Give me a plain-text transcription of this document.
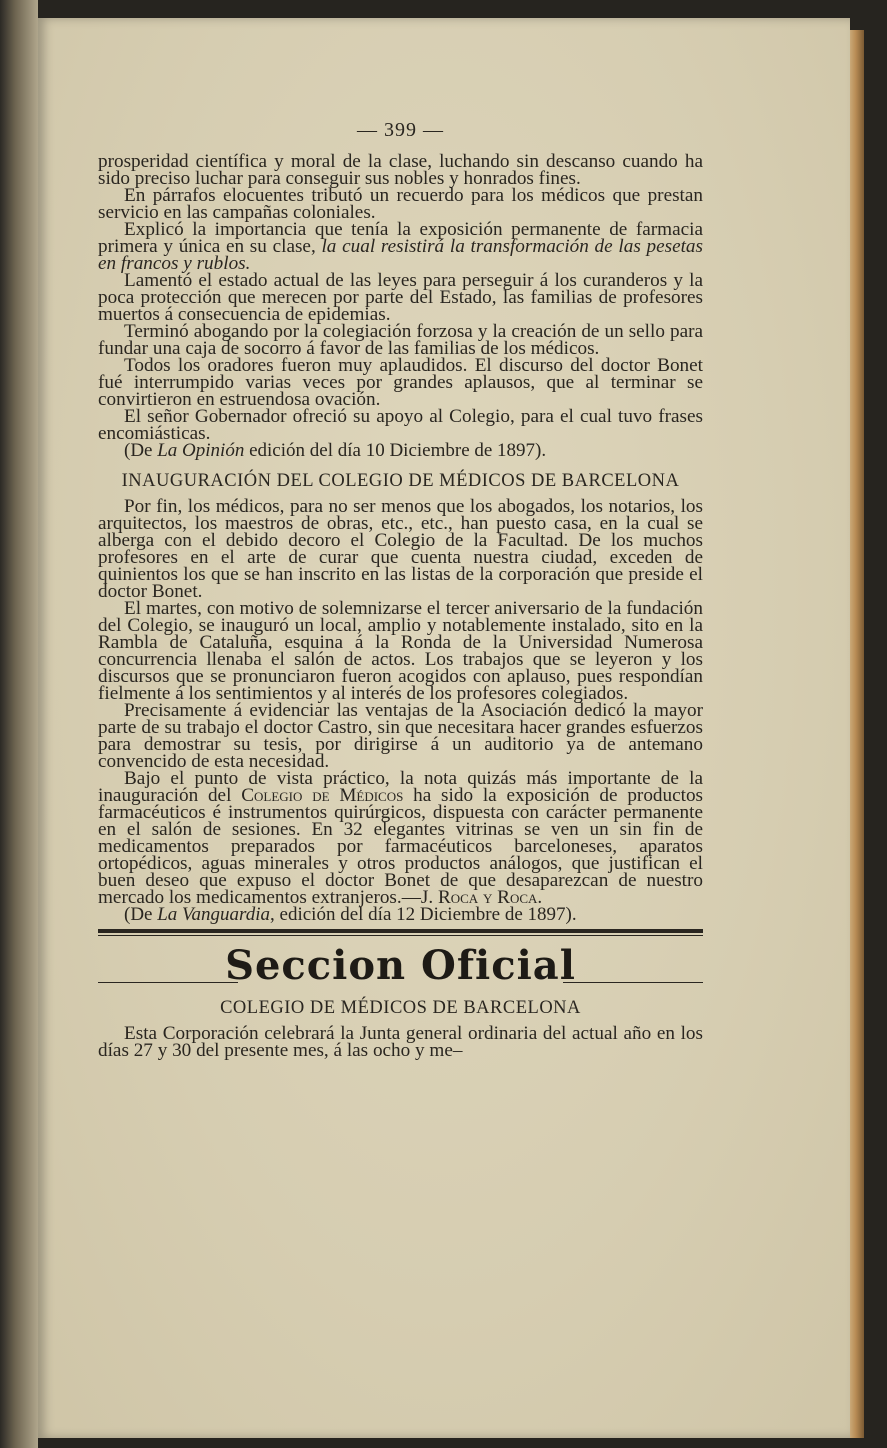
— 399 —

prosperidad científica y moral de la clase, luchando sin descanso cuando ha sido preciso luchar para conseguir sus nobles y honrados fines.

En párrafos elocuentes tributó un recuerdo para los médicos que prestan servicio en las campañas coloniales.

Explicó la importancia que tenía la exposición permanente de farmacia primera y única en su clase, la cual resistirá la transformación de las pesetas en francos y rublos.

Lamentó el estado actual de las leyes para perseguir á los curanderos y la poca protección que merecen por parte del Estado, las familias de profesores muertos á consecuencia de epidemias.

Terminó abogando por la colegiación forzosa y la creación de un sello para fundar una caja de socorro á favor de las familias de los médicos.

Todos los oradores fueron muy aplaudidos. El discurso del doctor Bonet fué interrumpido varias veces por grandes aplausos, que al terminar se convirtieron en estruendosa ovación.

El señor Gobernador ofreció su apoyo al Colegio, para el cual tuvo frases encomiásticas.

(De La Opinión edición del día 10 Diciembre de 1897).

INAUGURACIÓN DEL COLEGIO DE MÉDICOS DE BARCELONA

Por fin, los médicos, para no ser menos que los abogados, los notarios, los arquitectos, los maestros de obras, etc., etc., han puesto casa, en la cual se alberga con el debido decoro el Colegio de la Facultad. De los muchos profesores en el arte de curar que cuenta nuestra ciudad, exceden de quinientos los que se han inscrito en las listas de la corporación que preside el doctor Bonet.

El martes, con motivo de solemnizarse el tercer aniversario de la fundación del Colegio, se inauguró un local, amplio y notablemente instalado, sito en la Rambla de Cataluña, esquina á la Ronda de la Universidad Numerosa concurrencia llenaba el salón de actos. Los trabajos que se leyeron y los discursos que se pronunciaron fueron acogidos con aplauso, pues respondían fielmente á los sentimientos y al interés de los profesores colegiados.

Precisamente á evidenciar las ventajas de la Asociación dedicó la mayor parte de su trabajo el doctor Castro, sin que necesitara hacer grandes esfuerzos para demostrar su tesis, por dirigirse á un auditorio ya de antemano convencido de esta necesidad.

Bajo el punto de vista práctico, la nota quizás más importante de la inauguración del Colegio de Médicos ha sido la exposición de productos farmacéuticos é instrumentos quirúrgicos, dispuesta con carácter permanente en el salón de sesiones. En 32 elegantes vitrinas se ven un sin fin de medicamentos preparados por farmacéuticos barceloneses, aparatos ortopédicos, aguas minerales y otros productos análogos, que justifican el buen deseo que expuso el doctor Bonet de que desaparezcan de nuestro mercado los medicamentos extranjeros.—J. Roca y Roca.

(De La Vanguardia, edición del día 12 Diciembre de 1897).

Seccion Oficial
COLEGIO DE MÉDICOS DE BARCELONA

Esta Corporación celebrará la Junta general ordinaria del actual año en los días 27 y 30 del presente mes, á las ocho y me–
